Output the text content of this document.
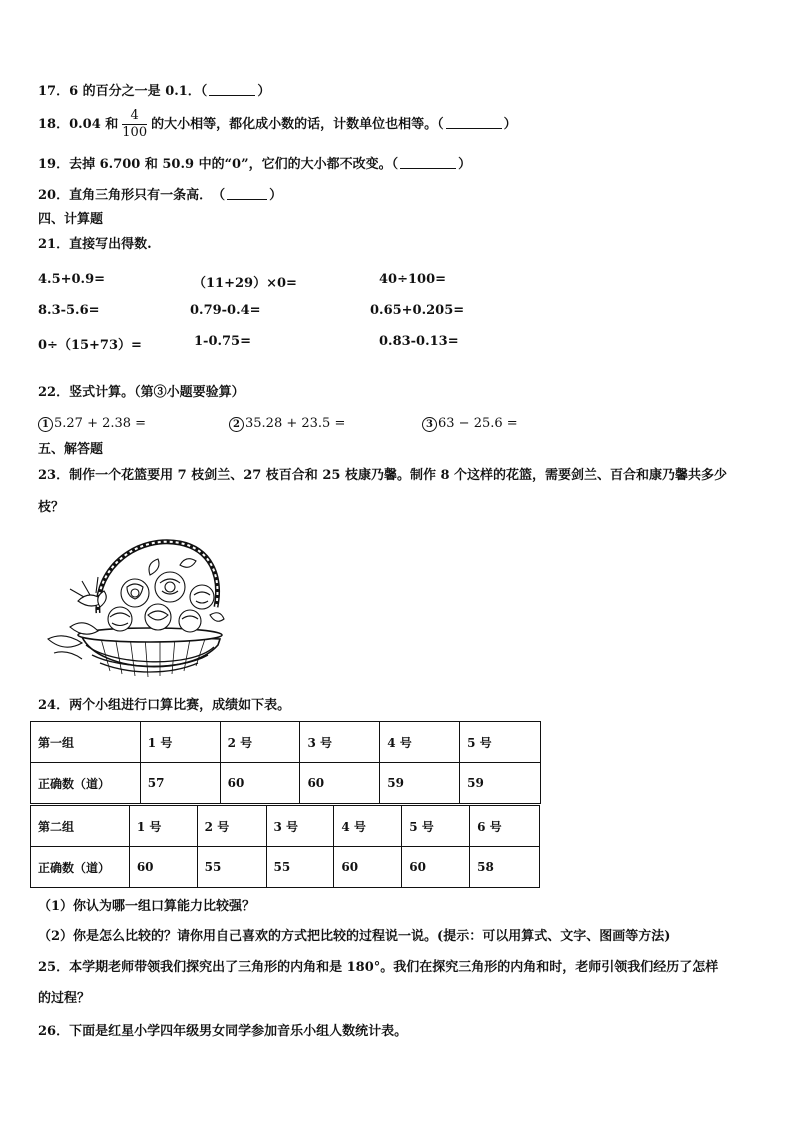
17．6 的百分之一是 0.1．（	）
18．0.04 和 $\frac{4}{100}$ 的大小相等，都化成小数的话，计数单位也相等。（	）
19．去掉 6.700 和 50.9 中的“0”，它们的大小都不改变。（	）
20．直角三角形只有一条高．　（	）
四、计算题
21．直接写出得数.
4.5+0.9=	（11+29）×0=	40÷100=
8.3-5.6=	0.79-0.4=	0.65+0.205=
0÷（15+73）=	1-0.75=	0.83-0.13=
22．竖式计算。（第③小题要验算）
1 5.27 + 2.38 =	2 35.28 + 23.5 =	3 63 − 25.6 =
五、解答题
23．制作一个花篮要用 7 枝剑兰、27 枝百合和 25 枝康乃馨。制作 8 个这样的花篮，需要剑兰、百合和康乃馨共多少
枝？
24．两个小组进行口算比赛，成绩如下表。
第一组	1 号	2 号	3 号	4 号	5 号
正确数（道）	57	60	60	59	59
第二组	1 号	2 号	3 号	4 号	5 号	6 号
正确数（道）	60	55	55	60	60	58
（1）你认为哪一组口算能力比较强？
（2）你是怎么比较的？请你用自己喜欢的方式把比较的过程说一说。(提示：可以用算式、文字、图画等方法)
25．本学期老师带领我们探究出了三角形的内角和是 180°。我们在探究三角形的内角和时，老师引领我们经历了怎样
的过程？
26．下面是红星小学四年级男女同学参加音乐小组人数统计表。
